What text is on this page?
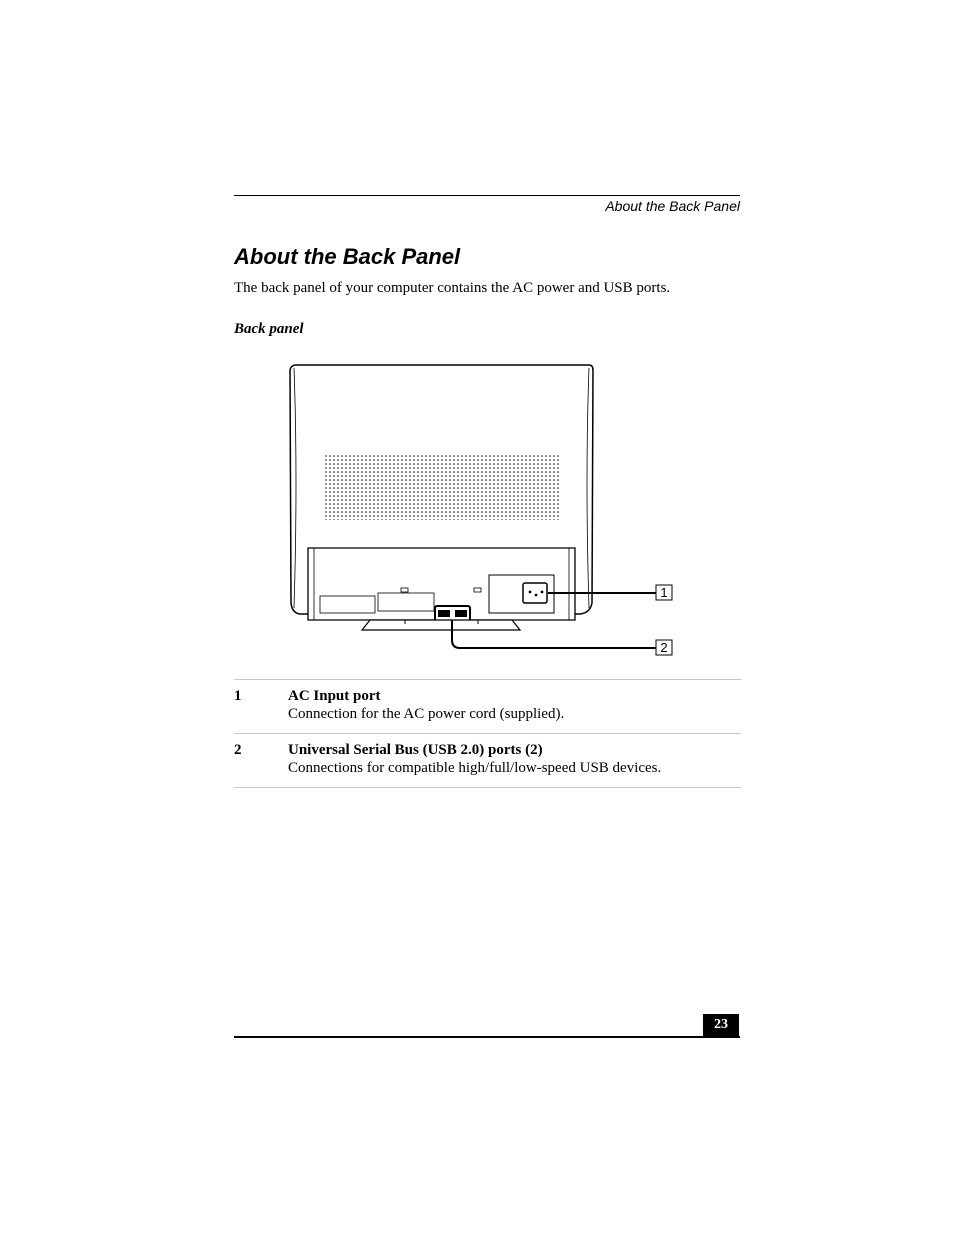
About the Back Panel
About the Back Panel
The back panel of your computer contains the AC power and USB ports.
Back panel
1
2
1	AC Input port
Connection for the AC power cord (supplied).
2	Universal Serial Bus (USB 2.0) ports (2)
Connections for compatible high/full/low-speed USB devices.
23
